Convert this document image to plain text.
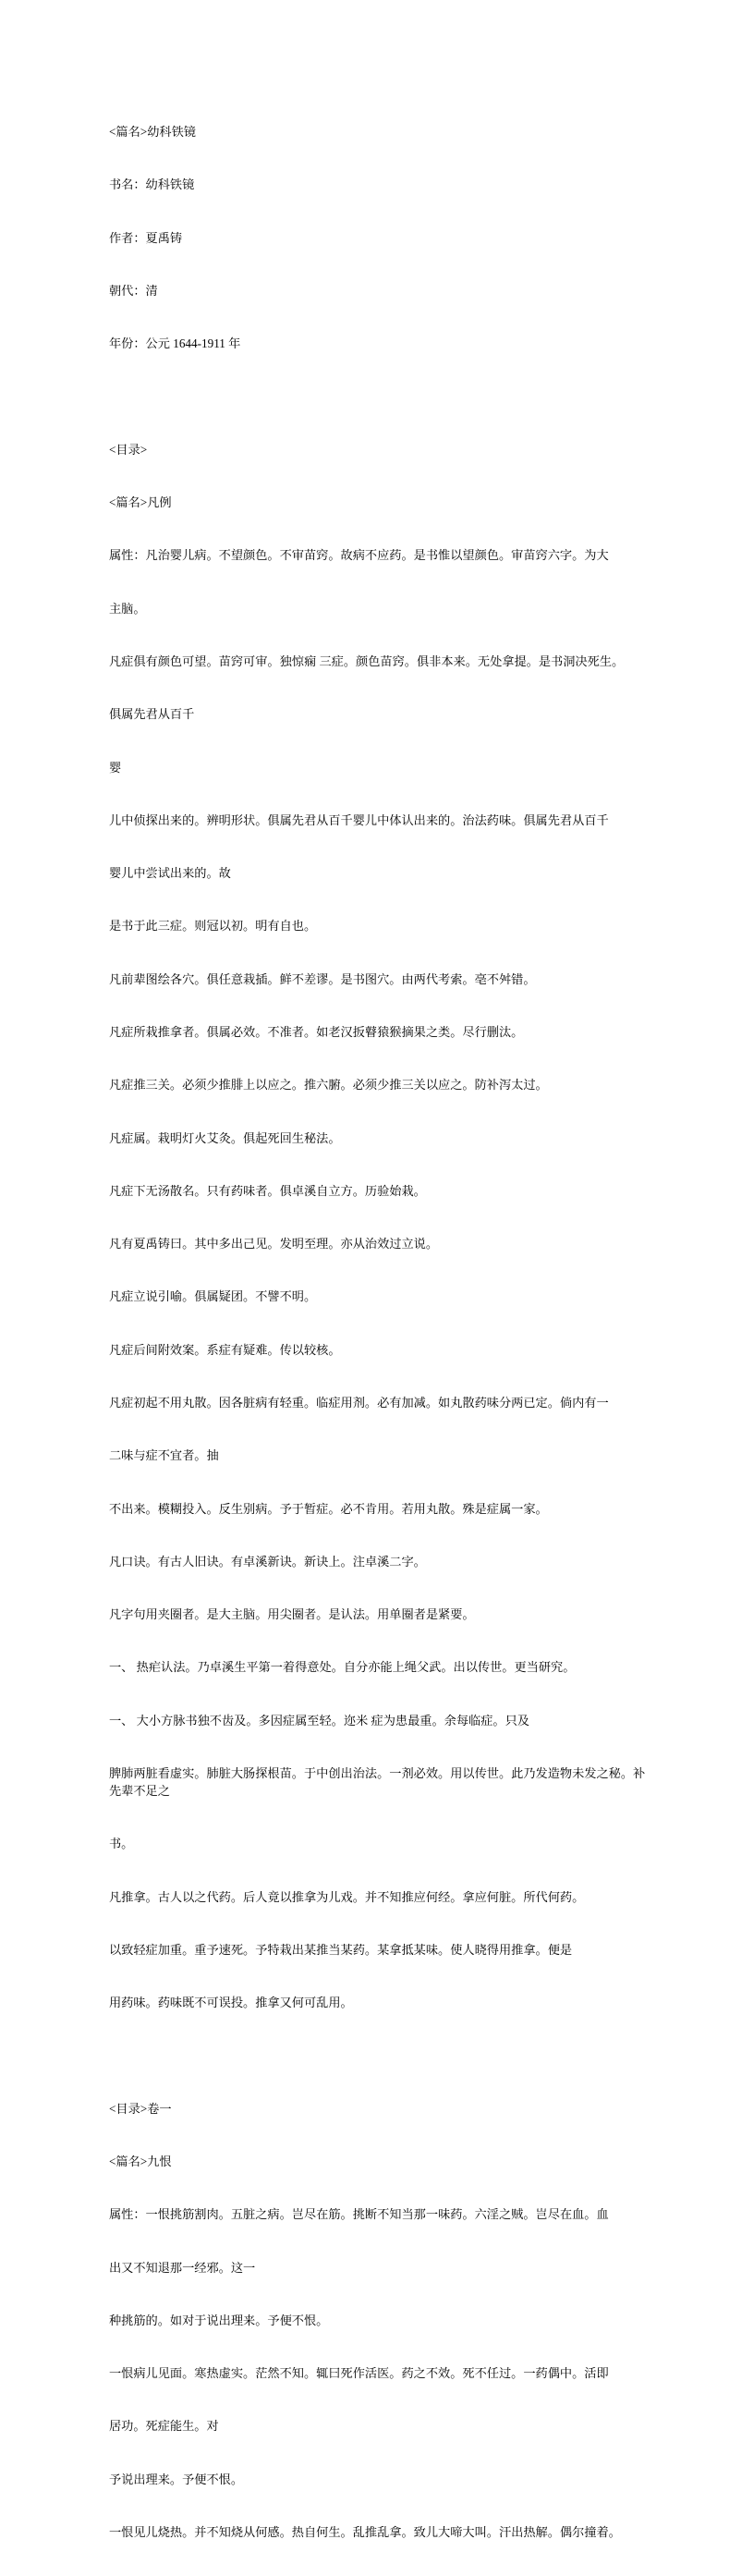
<篇名>幼科铁镜

书名：幼科铁镜

作者：夏禹铸

朝代：清

年份：公元 1644-1911 年

<目录>

<篇名>凡例

属性：凡治婴儿病。不望颜色。不审苗窍。故病不应药。是书惟以望颜色。审苗窍六字。为大

主脑。

凡症俱有颜色可望。苗窍可审。独惊痫 三症。颜色苗窍。俱非本来。无处拿提。是书洞决死生。

俱属先君从百千

婴

儿中侦探出来的。辨明形状。俱属先君从百千婴儿中体认出来的。治法药味。俱属先君从百千

婴儿中尝试出来的。故

是书于此三症。则冠以初。明有自也。

凡前辈图绘各穴。俱任意栽插。鲜不差谬。是书图穴。由两代考索。亳不舛错。

凡症所栽推拿者。俱属必效。不准者。如老汉扳瞽猿猴摘果之类。尽行删汰。

凡症推三关。必须少推腓上以应之。推六腑。必须少推三关以应之。防补泻太过。

凡症属。栽明灯火艾灸。俱起死回生秘法。

凡症下无汤散名。只有药味者。俱卓溪自立方。历验始栽。

凡有夏禹铸曰。其中多出己见。发明至理。亦从治效过立说。

凡症立说引喻。俱属疑团。不譬不明。

凡症后间附效案。系症有疑难。传以较核。

凡症初起不用丸散。因各脏病有轻重。临症用剂。必有加减。如丸散药味分两已定。倘内有一

二味与症不宜者。抽

不出来。模糊投入。反生别病。予于暂症。必不肯用。若用丸散。殊是症属一家。

凡口诀。有古人旧诀。有卓溪新诀。新诀上。注卓溪二字。

凡字句用夹圈者。是大主脑。用尖圈者。是认法。用单圈者是紧要。

一、 热疟认法。乃卓溪生平第一着得意处。自分亦能上绳父武。出以传世。更当研究。

一、 大小方脉书独不齿及。多因症属至轻。迩米 症为患最重。余每临症。只及

脾肺两脏看虚实。肺脏大肠探根苗。于中创出治法。一剂必效。用以传世。此乃发造物未发之秘。补先辈不足之

书。

凡推拿。古人以之代药。后人竟以推拿为儿戏。并不知推应何经。拿应何脏。所代何药。

以致轻症加重。重予速死。予特栽出某推当某药。某拿抵某味。使人晓得用推拿。便是

用药味。药味既不可误投。推拿又何可乱用。

<目录>卷一

<篇名>九恨

属性：一恨挑筋割肉。五脏之病。岂尽在筋。挑断不知当那一味药。六淫之贼。岂尽在血。血

出又不知退那一经邪。这一

种挑筋的。如对于说出理来。予便不恨。

一恨病儿见面。寒热虚实。茫然不知。辄曰死作活医。药之不效。死不任过。一药偶中。活即

居功。死症能生。对

予说出理来。予便不恨。

一恨见儿烧热。并不知烧从何感。热自何生。乱推乱拿。致儿大啼大叫。汗出热解。偶尔撞着。
